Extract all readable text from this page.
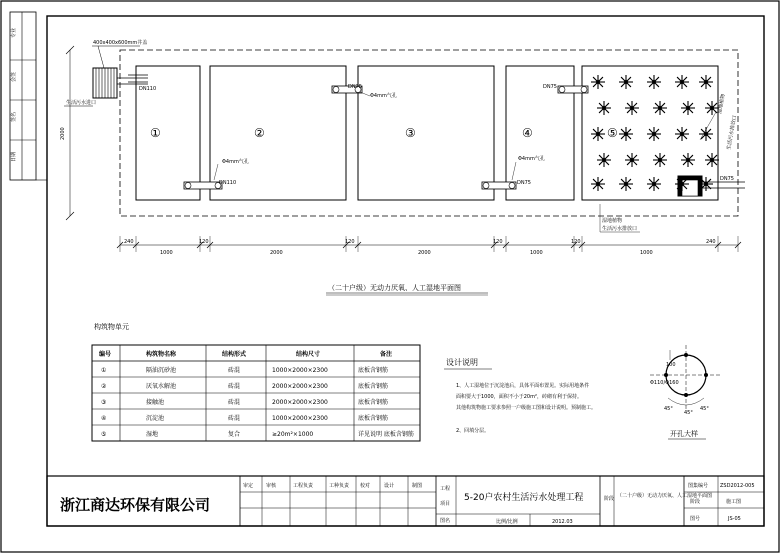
专业
会签
签名
日期
①	②	③	④	⑤
400x400x600mm井盖
生活污水进口
2000
DN110
DN110
DN75	DN75
DN75
DN75
Φ4mm气孔
Φ4mm气孔	Φ4mm气孔
湿地植物
生活污水排放口
湿地植物
生活污水排放口
240
1000
120
2000
120
2000
120
1000
120
1000
240
（二十户级）无动力厌氧、人工湿地平面图
构筑物单元
编号	构筑物名称	结构形式	结构尺寸	备注
①	隔油沉砂池	砖混	1000×2000×2300	底板含钢筋
②	厌氧水解池	砖混	2000×2000×2300	底板含钢筋
③	接触池	砖混	2000×2000×2300	底板含钢筋
④	沉淀池	砖混	1000×2000×2300	底板含钢筋
⑤	湿地	复合	≥20m²×1000	详见说明 底板含钢筋
设计说明
1、人工湿地位于沉淀池后，具体平面布置见。实际用地条件
面积要大于1000，面积不小于20m²，砖砌有利于保持。
其他构筑物施工要求参照一户级施工图和设计说明。预制施工。
2、回填分层。
100
Φ110/Φ160
45°
45°
45°
开孔大样
浙江商达环保有限公司
审定	审核	工程负责	工种负责 校对	设计	制图	工程
项目
图名
5-20户农村生活污水处理工程
比例/比例	2012.03
阶段 （二十户级）无动力厌氧、人工湿地平面图
图集编号 ZSD2012-005
阶段	施工图
图号	JS-05
